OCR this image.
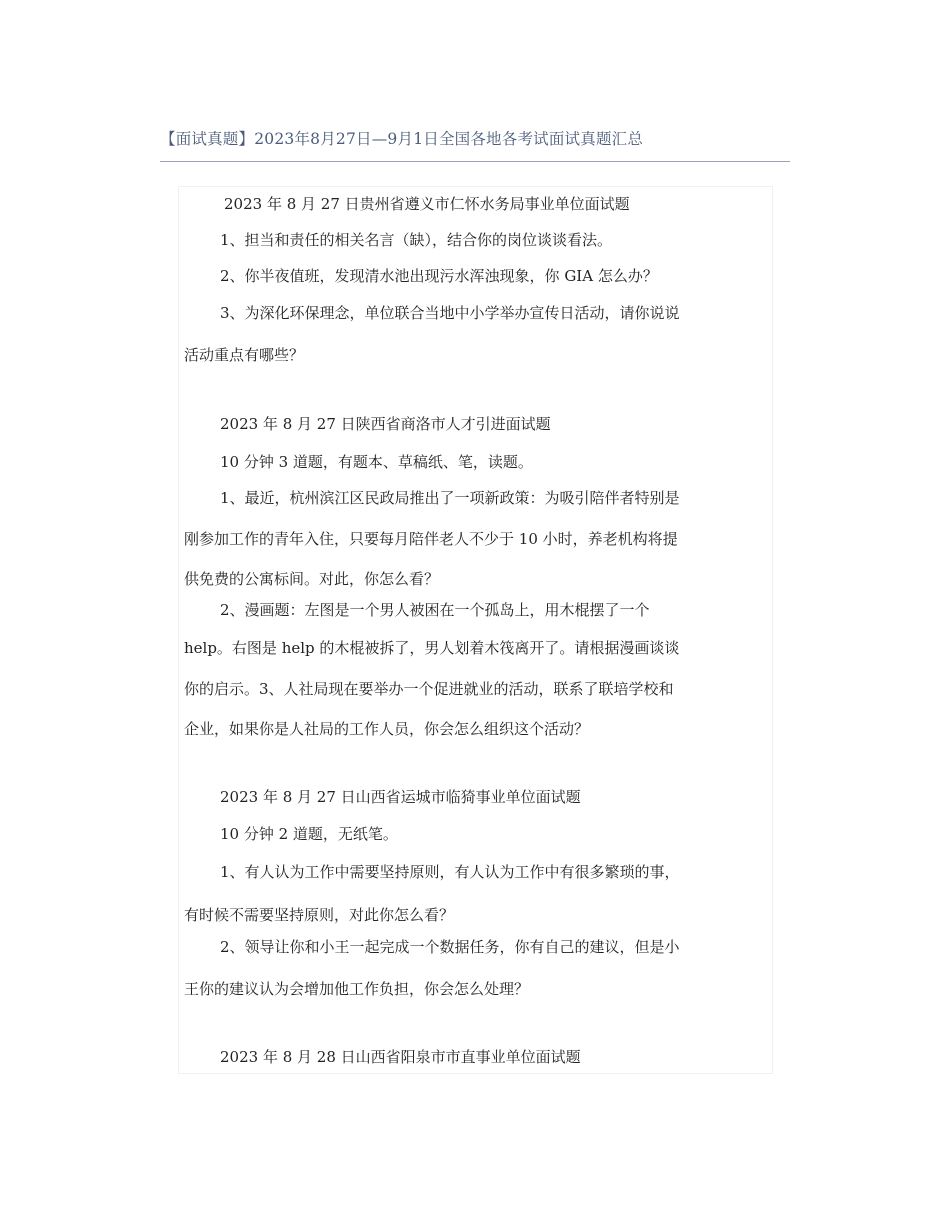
【面试真题】2023年8月27日—9月1日全国各地各考试面试真题汇总
2023 年 8 月 27 日贵州省遵义市仁怀水务局事业单位面试题
1、担当和责任的相关名言（缺），结合你的岗位谈谈看法。
2、你半夜值班，发现清水池出现污水浑浊现象，你 GIA 怎么办？
3、为深化环保理念，单位联合当地中小学举办宣传日活动，请你说说
活动重点有哪些？
2023 年 8 月 27 日陕西省商洛市人才引进面试题
10 分钟 3 道题，有题本、草稿纸、笔，读题。
1、最近，杭州滨江区民政局推出了一项新政策：为吸引陪伴者特别是
刚参加工作的青年入住，只要每月陪伴老人不少于 10 小时，养老机构将提
供免费的公寓标间。对此，你怎么看？
2、漫画题：左图是一个男人被困在一个孤岛上，用木棍摆了一个
help。右图是 help 的木棍被拆了，男人划着木筏离开了。请根据漫画谈谈
你的启示。3、人社局现在要举办一个促进就业的活动，联系了联培学校和
企业，如果你是人社局的工作人员，你会怎么组织这个活动？
2023 年 8 月 27 日山西省运城市临猗事业单位面试题
10 分钟 2 道题，无纸笔。
1、有人认为工作中需要坚持原则，有人认为工作中有很多繁琐的事，
有时候不需要坚持原则，对此你怎么看？
2、领导让你和小王一起完成一个数据任务，你有自己的建议，但是小
王你的建议认为会增加他工作负担，你会怎么处理？
2023 年 8 月 28 日山西省阳泉市市直事业单位面试题
